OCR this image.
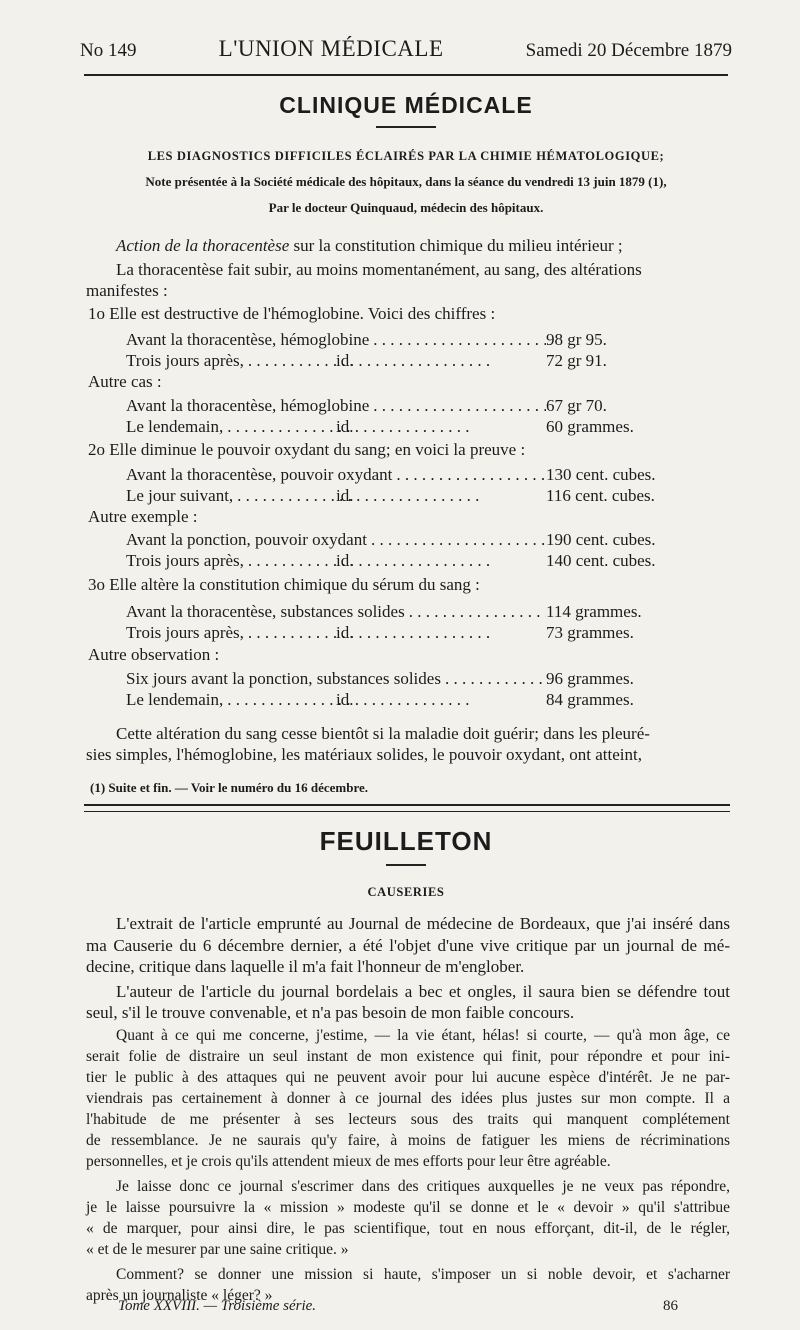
No 149	L'UNION MÉDICALE	Samedi 20 Décembre 1879
CLINIQUE MÉDICALE
LES DIAGNOSTICS DIFFICILES ÉCLAIRÉS PAR LA CHIMIE HÉMATOLOGIQUE;
Note présentée à la Société médicale des hôpitaux, dans la séance du vendredi 13 juin 1879 (1),
Par le docteur Quinquaud, médecin des hôpitaux.
Action de la thoracentèse sur la constitution chimique du milieu intérieur ;
La thoracentèse fait subir, au moins momentanément, au sang, des altérations
manifestes :
1o Elle est destructive de l'hémoglobine. Voici des chiffres :
Avant la thoracentèse, hémoglobine . . .	98 gr 95.
Trois jours après,	id. . . .	72 gr 91.
Autre cas :
Avant la thoracentèse, hémoglobine . . .	67 gr 70.
Le lendemain,	id. . . .	60 grammes.
2o Elle diminue le pouvoir oxydant du sang; en voici la preuve :
Avant la thoracentèse, pouvoir oxydant . . .	130 cent. cubes.
Le jour suivant,	id. . . .	116 cent. cubes.
Autre exemple :
Avant la ponction, pouvoir oxydant . . .	190 cent. cubes.
Trois jours après,	id. . . .	140 cent. cubes.
3o Elle altère la constitution chimique du sérum du sang :
Avant la thoracentèse, substances solides . . .	114 grammes.
Trois jours après,	id. . . .	73 grammes.
Autre observation :
Six jours avant la ponction, substances solides . . .	96 grammes.
Le lendemain,	id. . . .	84 grammes.
Cette altération du sang cesse bientôt si la maladie doit guérir; dans les pleuré-
sies simples, l'hémoglobine, les matériaux solides, le pouvoir oxydant, ont atteint,
(1) Suite et fin. — Voir le numéro du 16 décembre.
FEUILLETON
CAUSERIES
L'extrait de l'article emprunté au Journal de médecine de Bordeaux, que j'ai inséré dans
ma Causerie du 6 décembre dernier, a été l'objet d'une vive critique par un journal de mé-
decine, critique dans laquelle il m'a fait l'honneur de m'englober.
L'auteur de l'article du journal bordelais a bec et ongles, il saura bien se défendre tout
seul, s'il le trouve convenable, et n'a pas besoin de mon faible concours.
Quant à ce qui me concerne, j'estime, — la vie étant, hélas! si courte, — qu'à mon âge, ce
serait folie de distraire un seul instant de mon existence qui finit, pour répondre et pour ini-
tier le public à des attaques qui ne peuvent avoir pour lui aucune espèce d'intérêt. Je ne par-
viendrais pas certainement à donner à ce journal des idées plus justes sur mon compte. Il a
l'habitude de me présenter à ses lecteurs sous des traits qui manquent complétement
de ressemblance. Je ne saurais qu'y faire, à moins de fatiguer les miens de récriminations
personnelles, et je crois qu'ils attendent mieux de mes efforts pour leur être agréable.
Je laisse donc ce journal s'escrimer dans des critiques auxquelles je ne veux pas répondre,
je le laisse poursuivre la « mission » modeste qu'il se donne et le « devoir » qu'il s'attribue
« de marquer, pour ainsi dire, le pas scientifique, tout en nous efforçant, dit-il, de le régler,
« et de le mesurer par une saine critique. »
Comment? se donner une mission si haute, s'imposer un si noble devoir, et s'acharner
après un journaliste « léger? »
Tome XXVIII. — Troisième série.	86
